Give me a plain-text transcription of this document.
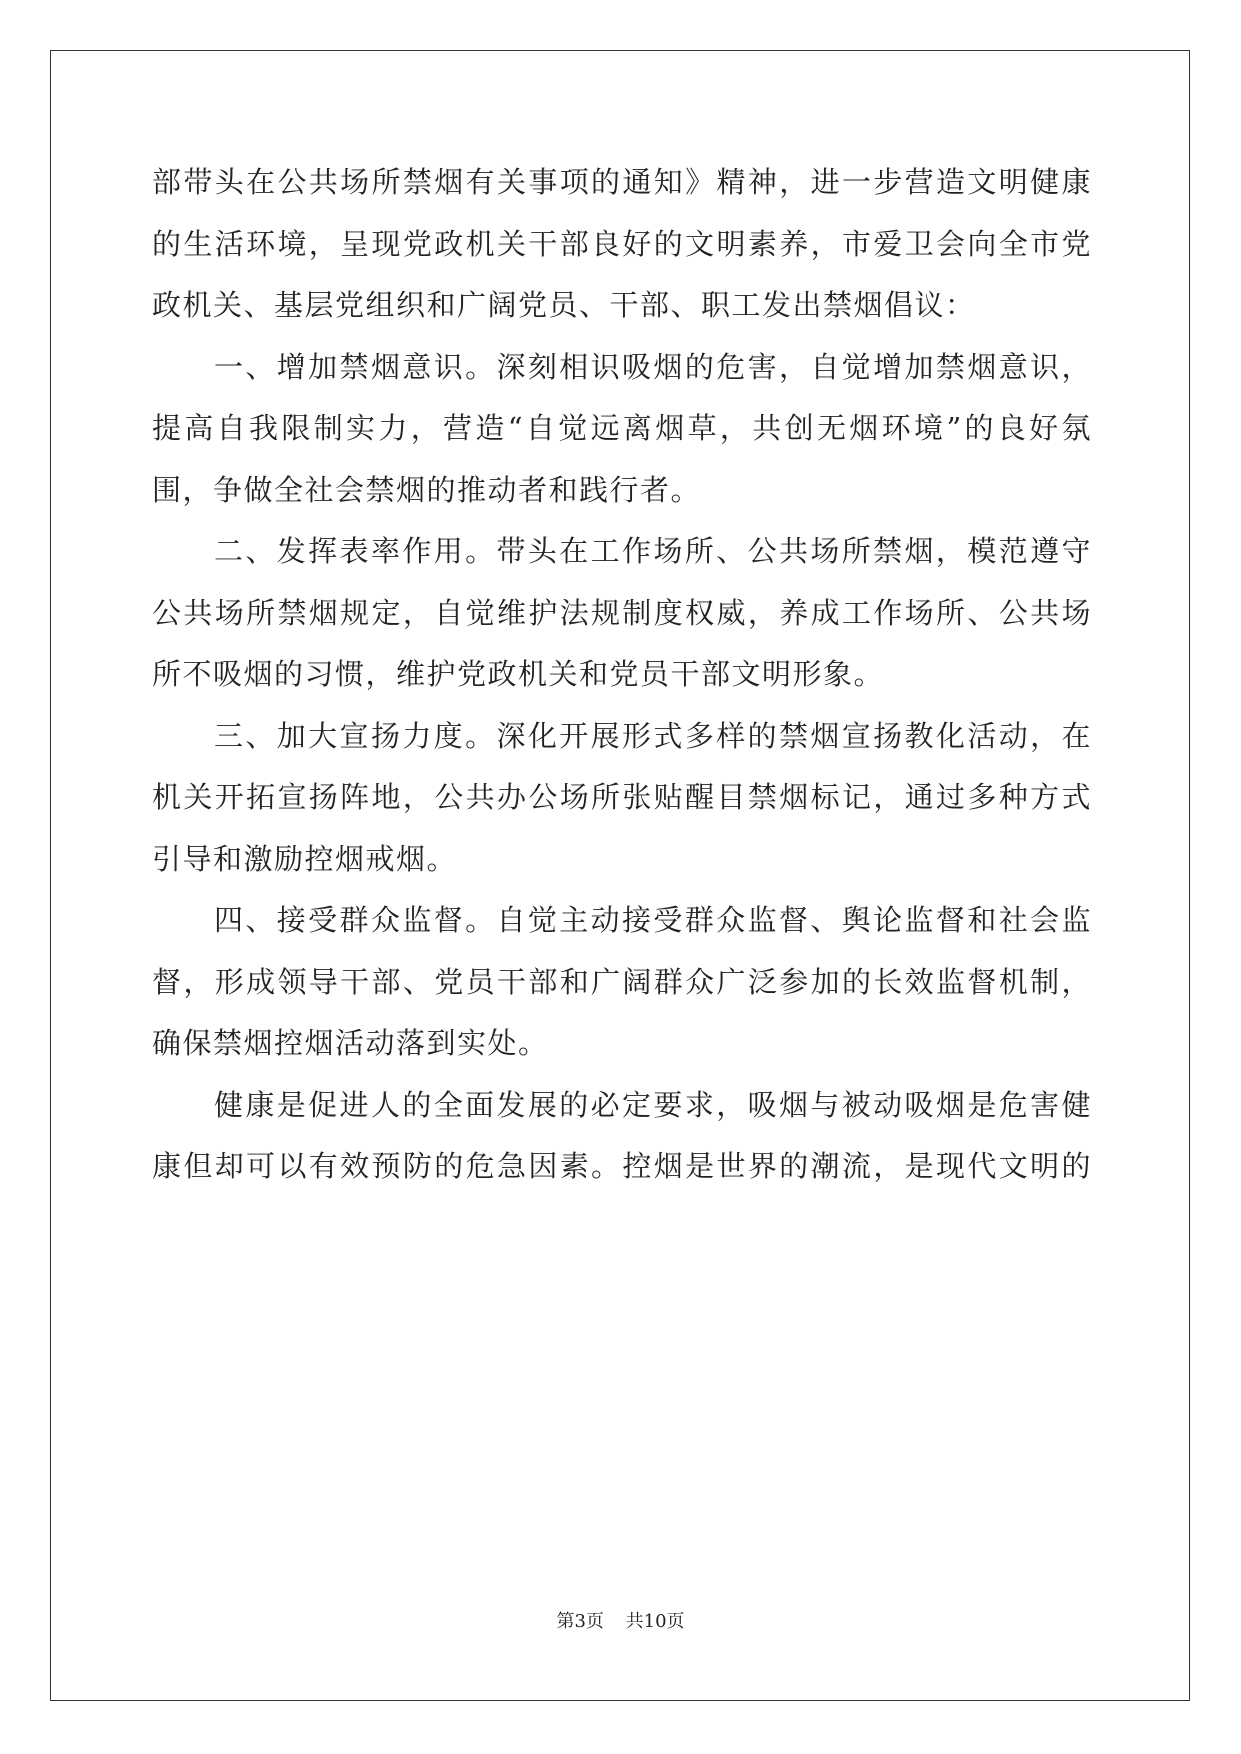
部带头在公共场所禁烟有关事项的通知》精神，进一步营造文明健康
的生活环境，呈现党政机关干部良好的文明素养，市爱卫会向全市党
政机关、基层党组织和广阔党员、干部、职工发出禁烟倡议：
一、增加禁烟意识。深刻相识吸烟的危害，自觉增加禁烟意识，
提高自我限制实力，营造“自觉远离烟草，共创无烟环境”的良好氛
围，争做全社会禁烟的推动者和践行者。
二、发挥表率作用。带头在工作场所、公共场所禁烟，模范遵守
公共场所禁烟规定，自觉维护法规制度权威，养成工作场所、公共场
所不吸烟的习惯，维护党政机关和党员干部文明形象。
三、加大宣扬力度。深化开展形式多样的禁烟宣扬教化活动，在
机关开拓宣扬阵地，公共办公场所张贴醒目禁烟标记，通过多种方式
引导和激励控烟戒烟。
四、接受群众监督。自觉主动接受群众监督、舆论监督和社会监
督，形成领导干部、党员干部和广阔群众广泛参加的长效监督机制，
确保禁烟控烟活动落到实处。
健康是促进人的全面发展的必定要求，吸烟与被动吸烟是危害健
康但却可以有效预防的危急因素。控烟是世界的潮流，是现代文明的
第3页 共10页
